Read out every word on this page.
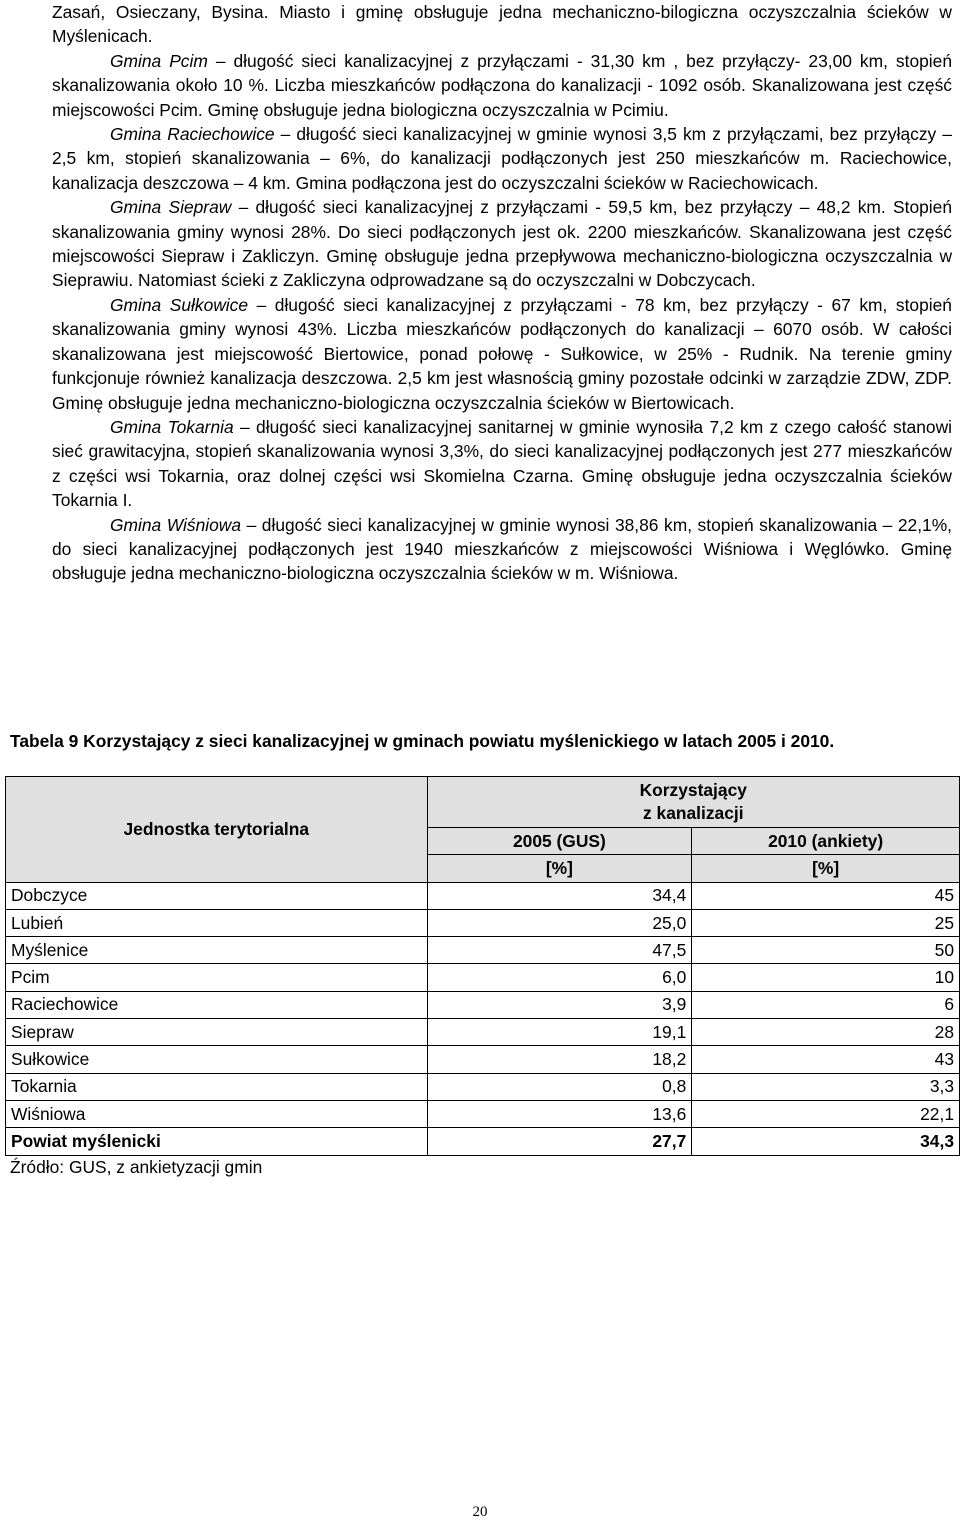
Zasań, Osieczany, Bysina. Miasto i gminę obsługuje jedna mechaniczno-bilogiczna oczyszczalnia ścieków w Myślenicach.

Gmina Pcim – długość sieci kanalizacyjnej z przyłączami - 31,30 km , bez przyłączy- 23,00 km, stopień skanalizowania około 10 %. Liczba mieszkańców podłączona do kanalizacji - 1092 osób. Skanalizowana jest część miejscowości Pcim. Gminę obsługuje jedna biologiczna oczyszczalnia w Pcimiu.

Gmina Raciechowice – długość sieci kanalizacyjnej w gminie wynosi 3,5 km z przyłączami, bez przyłączy – 2,5 km, stopień skanalizowania – 6%, do kanalizacji podłączonych jest 250 mieszkańców m. Raciechowice, kanalizacja deszczowa – 4 km. Gmina podłączona jest do oczyszczalni ścieków w Raciechowicach.

Gmina Siepraw – długość sieci kanalizacyjnej z przyłączami - 59,5 km, bez przyłączy – 48,2 km. Stopień skanalizowania gminy wynosi 28%. Do sieci podłączonych jest ok. 2200 mieszkańców. Skanalizowana jest część miejscowości Siepraw i Zakliczyn. Gminę obsługuje jedna przepływowa mechaniczno-biologiczna oczyszczalnia w Sieprawiu. Natomiast ścieki z Zakliczyna odprowadzane są do oczyszczalni w Dobczycach.

Gmina Sułkowice – długość sieci kanalizacyjnej z przyłączami - 78 km, bez przyłączy - 67 km, stopień skanalizowania gminy wynosi 43%. Liczba mieszkańców podłączonych do kanalizacji – 6070 osób. W całości skanalizowana jest miejscowość Biertowice, ponad połowę - Sułkowice, w 25% - Rudnik. Na terenie gminy funkcjonuje również kanalizacja deszczowa. 2,5 km jest własnością gminy pozostałe odcinki w zarządzie ZDW, ZDP. Gminę obsługuje jedna mechaniczno-biologiczna oczyszczalnia ścieków w Biertowicach.

Gmina Tokarnia – długość sieci kanalizacyjnej sanitarnej w gminie wynosiła 7,2 km z czego całość stanowi sieć grawitacyjna, stopień skanalizowania wynosi 3,3%, do sieci kanalizacyjnej podłączonych jest 277 mieszkańców z części wsi Tokarnia, oraz dolnej części wsi Skomielna Czarna. Gminę obsługuje jedna oczyszczalnia ścieków Tokarnia I.

Gmina Wiśniowa – długość sieci kanalizacyjnej w gminie wynosi 38,86 km, stopień skanalizowania – 22,1%, do sieci kanalizacyjnej podłączonych jest 1940 mieszkańców z miejscowości Wiśniowa i Węglówko. Gminę obsługuje jedna mechaniczno-biologiczna oczyszczalnia ścieków w m. Wiśniowa.

Tabela 9 Korzystający z sieci kanalizacyjnej w gminach powiatu myślenickiego w latach 2005 i 2010.

Jednostka terytorialna	Korzystający
z kanalizacji	

	2005 (GUS)	2010 (ankiety)
	[%]	[%]
Dobczyce	34,4	45
Lubień	25,0	25
Myślenice	47,5	50
Pcim	6,0	10
Raciechowice	3,9	6
Siepraw	19,1	28
Sułkowice	18,2	43
Tokarnia	0,8	3,3
Wiśniowa	13,6	22,1
Powiat myślenicki	27,7	34,3
Źródło: GUS, z ankietyzacji gmin
20
